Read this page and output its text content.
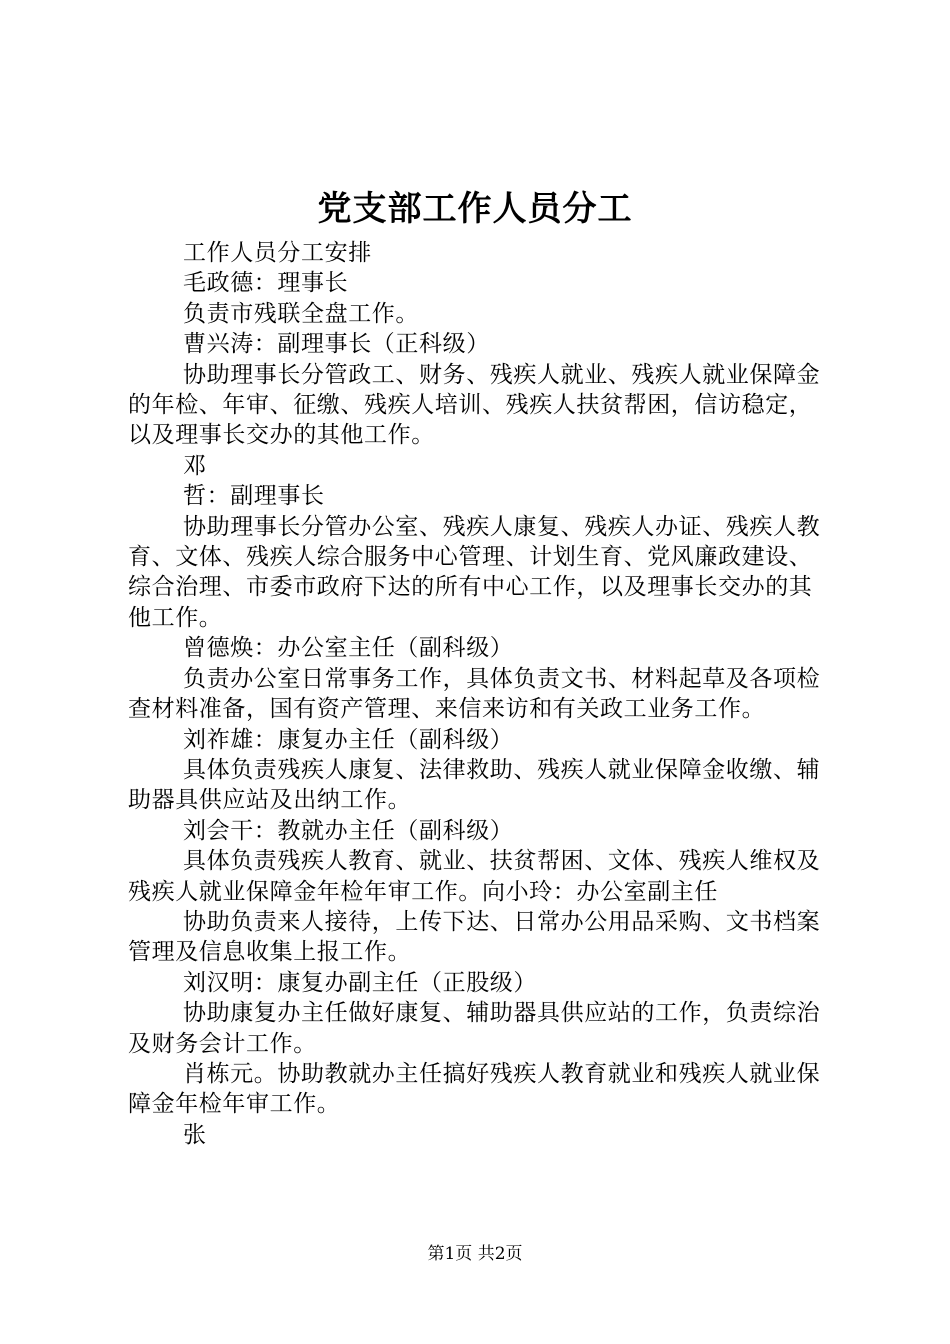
党支部工作人员分工

工作人员分工安排

毛政德：理事长

负责市残联全盘工作。

曹兴涛：副理事长（正科级）

协助理事长分管政工、财务、残疾人就业、残疾人就业保障金的年检、年审、征缴、残疾人培训、残疾人扶贫帮困，信访稳定，以及理事长交办的其他工作。

邓

哲：副理事长

协助理事长分管办公室、残疾人康复、残疾人办证、残疾人教育、文体、残疾人综合服务中心管理、计划生育、党风廉政建设、综合治理、市委市政府下达的所有中心工作，以及理事长交办的其他工作。

曾德焕：办公室主任（副科级）

负责办公室日常事务工作，具体负责文书、材料起草及各项检查材料准备，国有资产管理、来信来访和有关政工业务工作。

刘祚雄：康复办主任（副科级）

具体负责残疾人康复、法律救助、残疾人就业保障金收缴、辅助器具供应站及出纳工作。

刘会干：教就办主任（副科级）

具体负责残疾人教育、就业、扶贫帮困、文体、残疾人维权及残疾人就业保障金年检年审工作。向小玲：办公室副主任

协助负责来人接待，上传下达、日常办公用品采购、文书档案管理及信息收集上报工作。

刘汉明：康复办副主任（正股级）

协助康复办主任做好康复、辅助器具供应站的工作，负责综治及财务会计工作。

肖栋元。协助教就办主任搞好残疾人教育就业和残疾人就业保障金年检年审工作。

张

第1页 共2页
